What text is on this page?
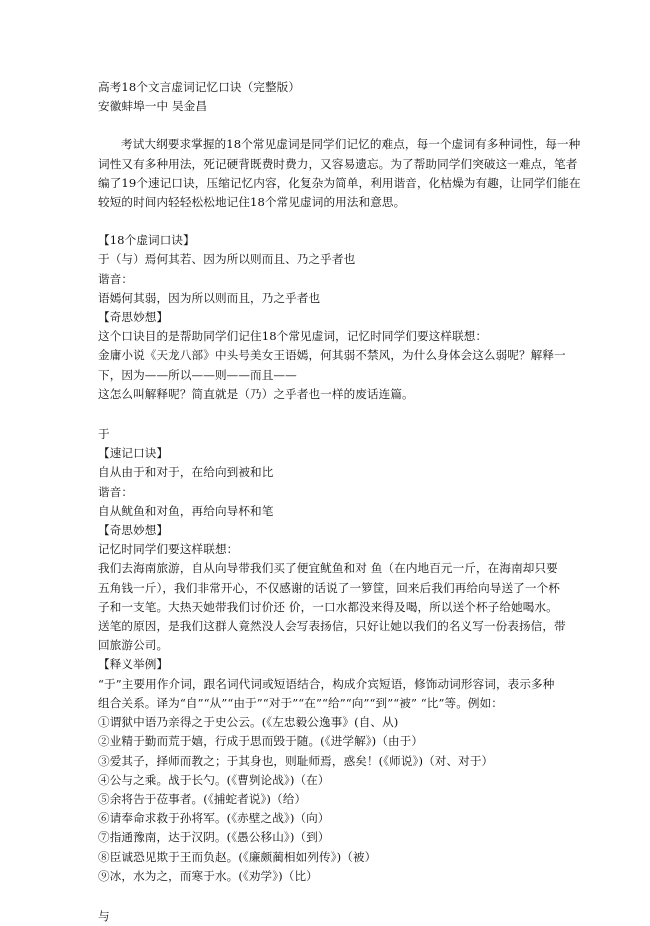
高考18个文言虚词记忆口诀（完整版）
安徽蚌埠一中 吴金昌
考试大纲要求掌握的18个常见虚词是同学们记忆的难点，每一个虚词有多种词性，每一种词性又有多种用法，死记硬背既费时费力，又容易遗忘。为了帮助同学们突破这一难点，笔者编了19个速记口诀，压缩记忆内容，化复杂为简单，利用谐音，化枯燥为有趣，让同学们能在较短的时间内轻轻松松地记住18个常见虚词的用法和意思。
【18个虚词口诀】
于（与）焉何其若、因为所以则而且、乃之乎者也
谐音：
语嫣何其弱，因为所以则而且，乃之乎者也
【奇思妙想】
这个口诀目的是帮助同学们记住18个常见虚词，记忆时同学们要这样联想：
金庸小说《天龙八部》中头号美女王语嫣，何其弱不禁风，为什么身体会这么弱呢？解释一
下，因为——所以——则——而且——
这怎么叫解释呢？简直就是（乃）之乎者也一样的废话连篇。
于
【速记口诀】
自从由于和对于，在给向到被和比
谐音：
自从鱿鱼和对鱼，再给向导杯和笔
【奇思妙想】
记忆时同学们要这样联想：
我们去海南旅游，自从向导带我们买了便宜鱿鱼和对 鱼（在内地百元一斤，在海南却只要
五角钱一斤），我们非常开心，不仅感谢的话说了一箩筐，回来后我们再给向导送了一个杯
子和一支笔。大热天她带我们讨价还 价，一口水都没来得及喝，所以送个杯子给她喝水。
送笔的原因，是我们这群人竟然没人会写表扬信，只好让她以我们的名义写一份表扬信，带
回旅游公司。
【释义举例】
“于”主要用作介词，跟名词代词或短语结合，构成介宾短语，修饰动词形容词，表示多种
组合关系。译为“自”“从”“由于”“对于”“在”“给”“向”“到”“被” “比”等。例如：
①谓狱中语乃亲得之于史公云。(《左忠毅公逸事》(自、从)
②业精于勤而荒于嬉，行成于思而毁于随。(《进学解》)（由于）
③爱其子，择师而教之；于其身也，则耻师焉，惑矣！(《师说》)（对、对于）
④公与之乘。战于长勺。(《曹刿论战》)（在）
⑤余将告于莅事者。(《捕蛇者说》)（给）
⑥请奉命求救于孙将军。(《赤壁之战》)（向）
⑦指通豫南，达于汉阴。(《愚公移山》)（到）
⑧臣诚恐见欺于王而负赵。(《廉颇蔺相如列传》)（被）
⑨冰，水为之，而寒于水。(《劝学》)（比）
与
